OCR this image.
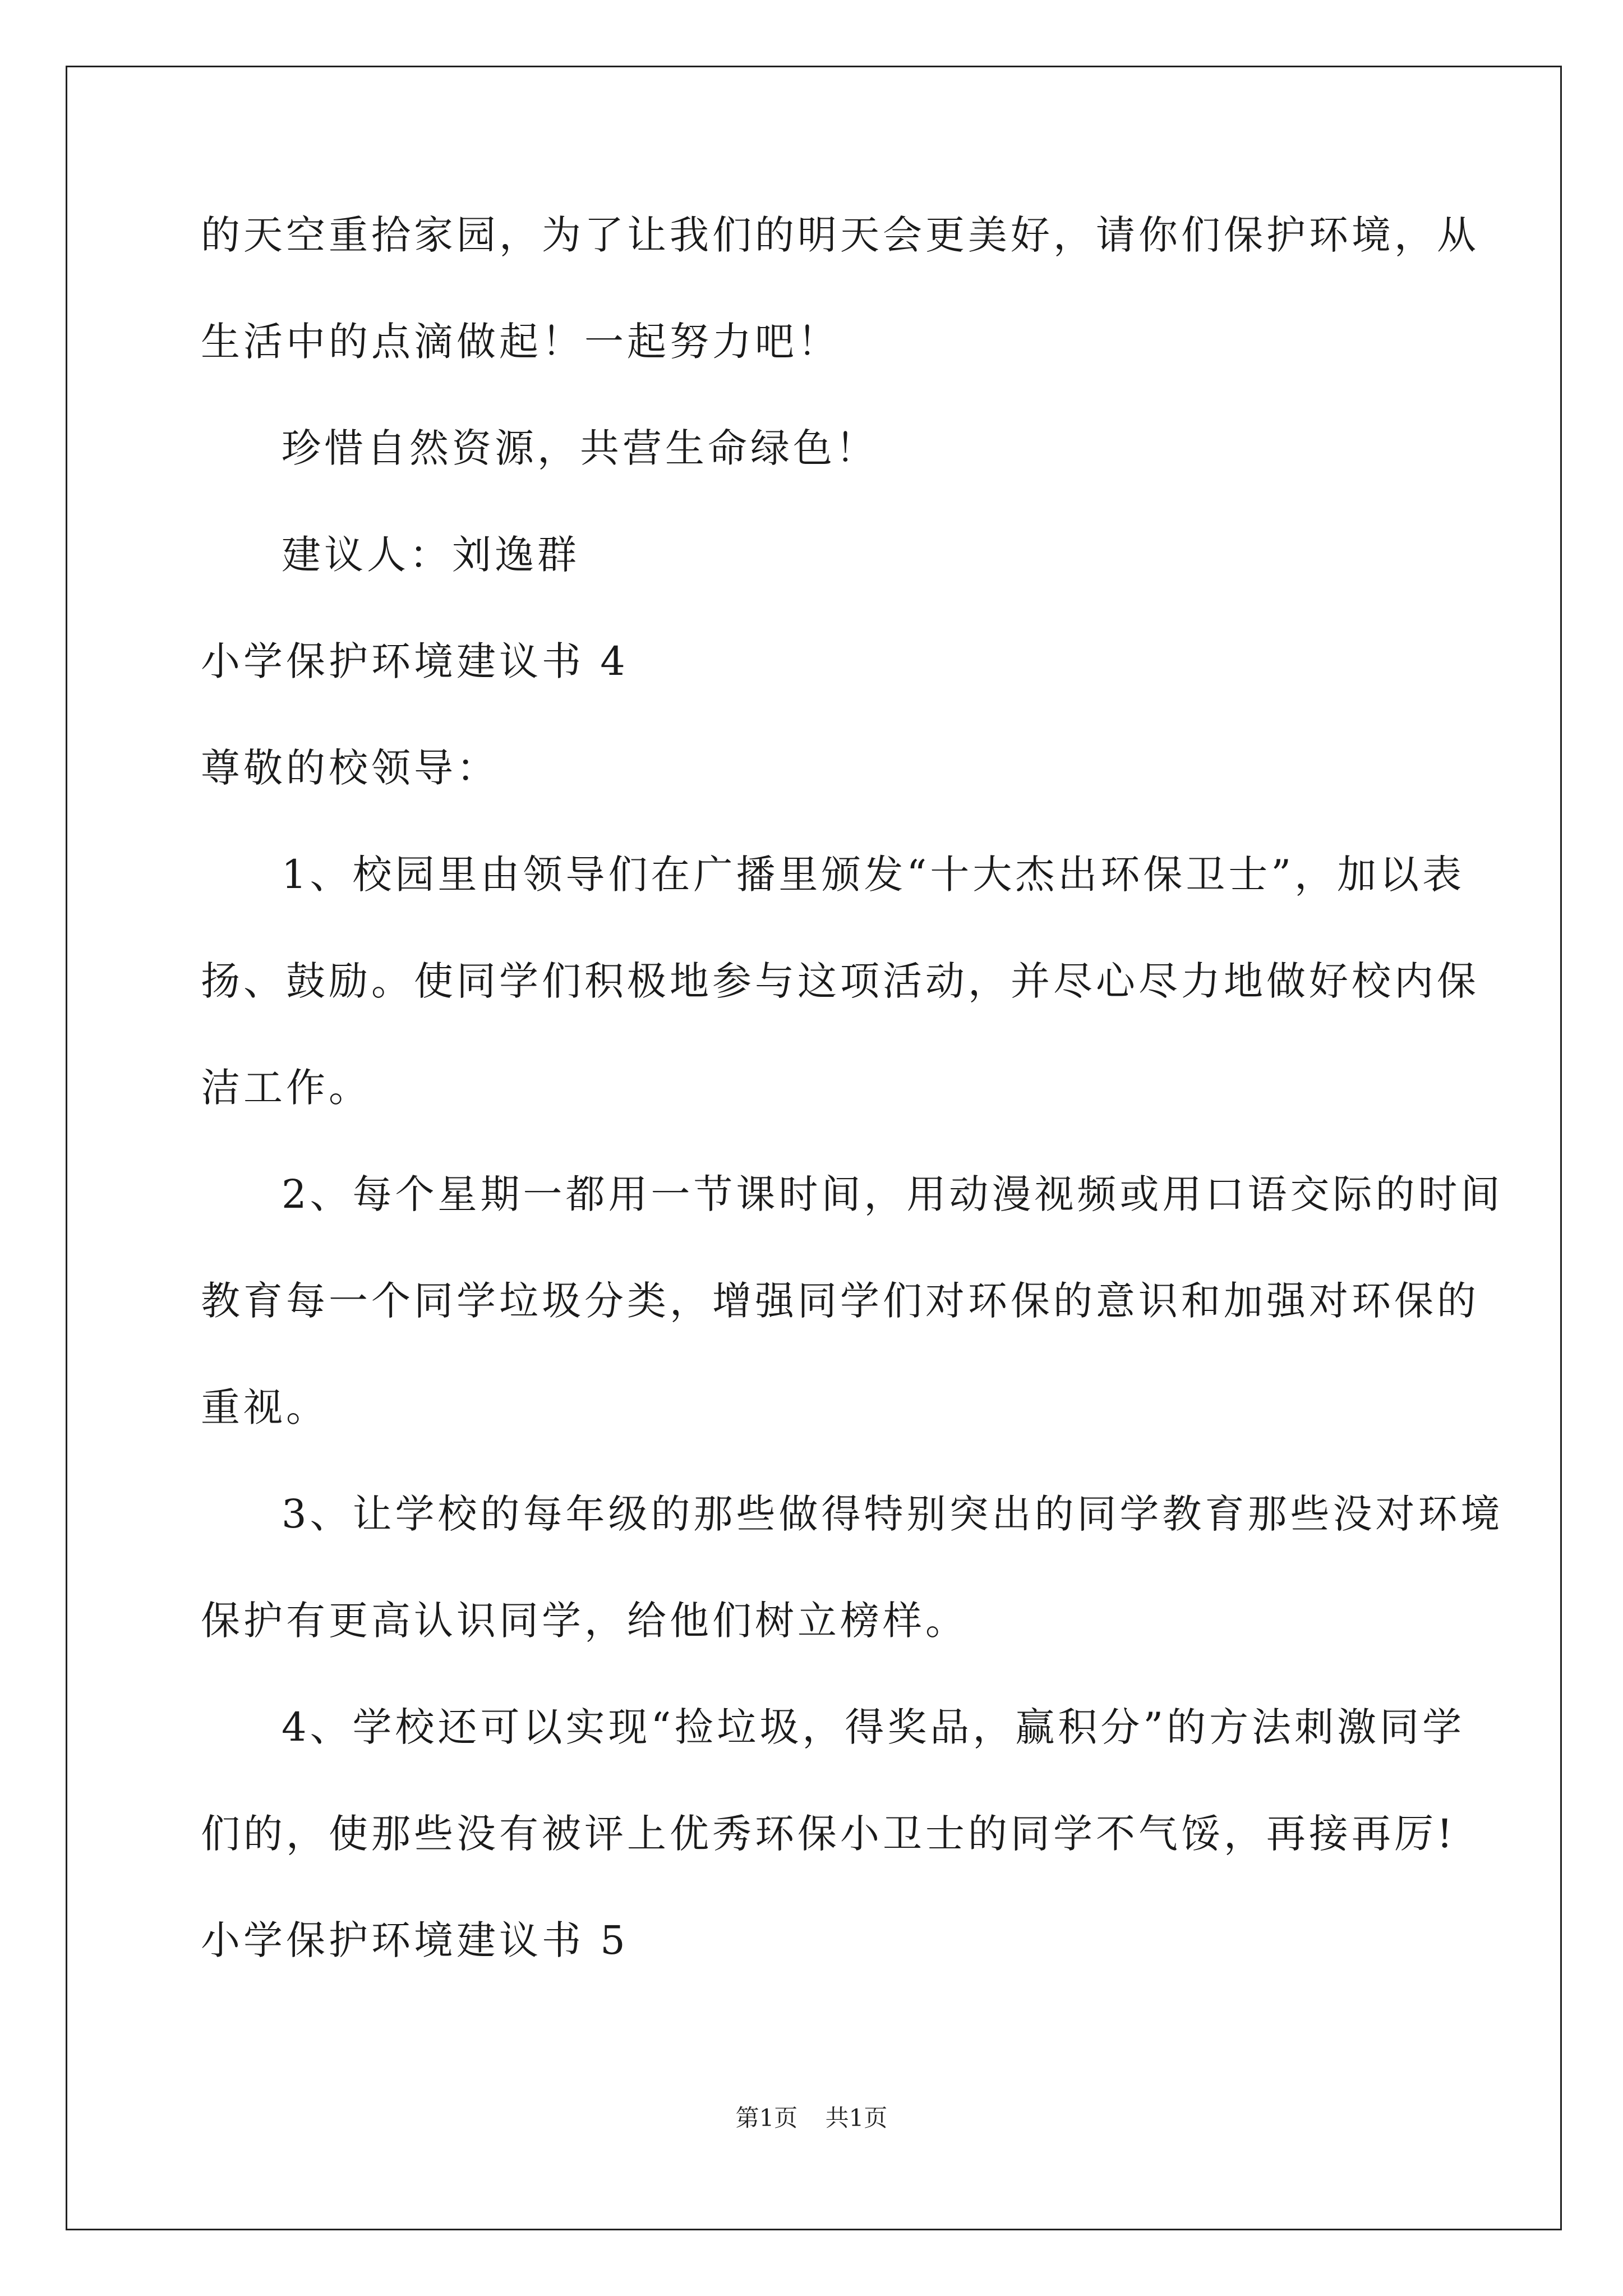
的天空重拾家园，为了让我们的明天会更美好，请你们保护环境，从
生活中的点滴做起！一起努力吧！
珍惜自然资源，共营生命绿色！
建议人：刘逸群
小学保护环境建议书 4
尊敬的校领导：
1、校园里由领导们在广播里颁发“十大杰出环保卫士”，加以表
扬、鼓励。使同学们积极地参与这项活动，并尽心尽力地做好校内保
洁工作。
2、每个星期一都用一节课时间，用动漫视频或用口语交际的时间
教育每一个同学垃圾分类，增强同学们对环保的意识和加强对环保的
重视。
3、让学校的每年级的那些做得特别突出的同学教育那些没对环境
保护有更高认识同学，给他们树立榜样。
4、学校还可以实现“捡垃圾，得奖品，赢积分”的方法刺激同学
们的，使那些没有被评上优秀环保小卫士的同学不气馁，再接再厉!
小学保护环境建议书 5
第1页 共1页
